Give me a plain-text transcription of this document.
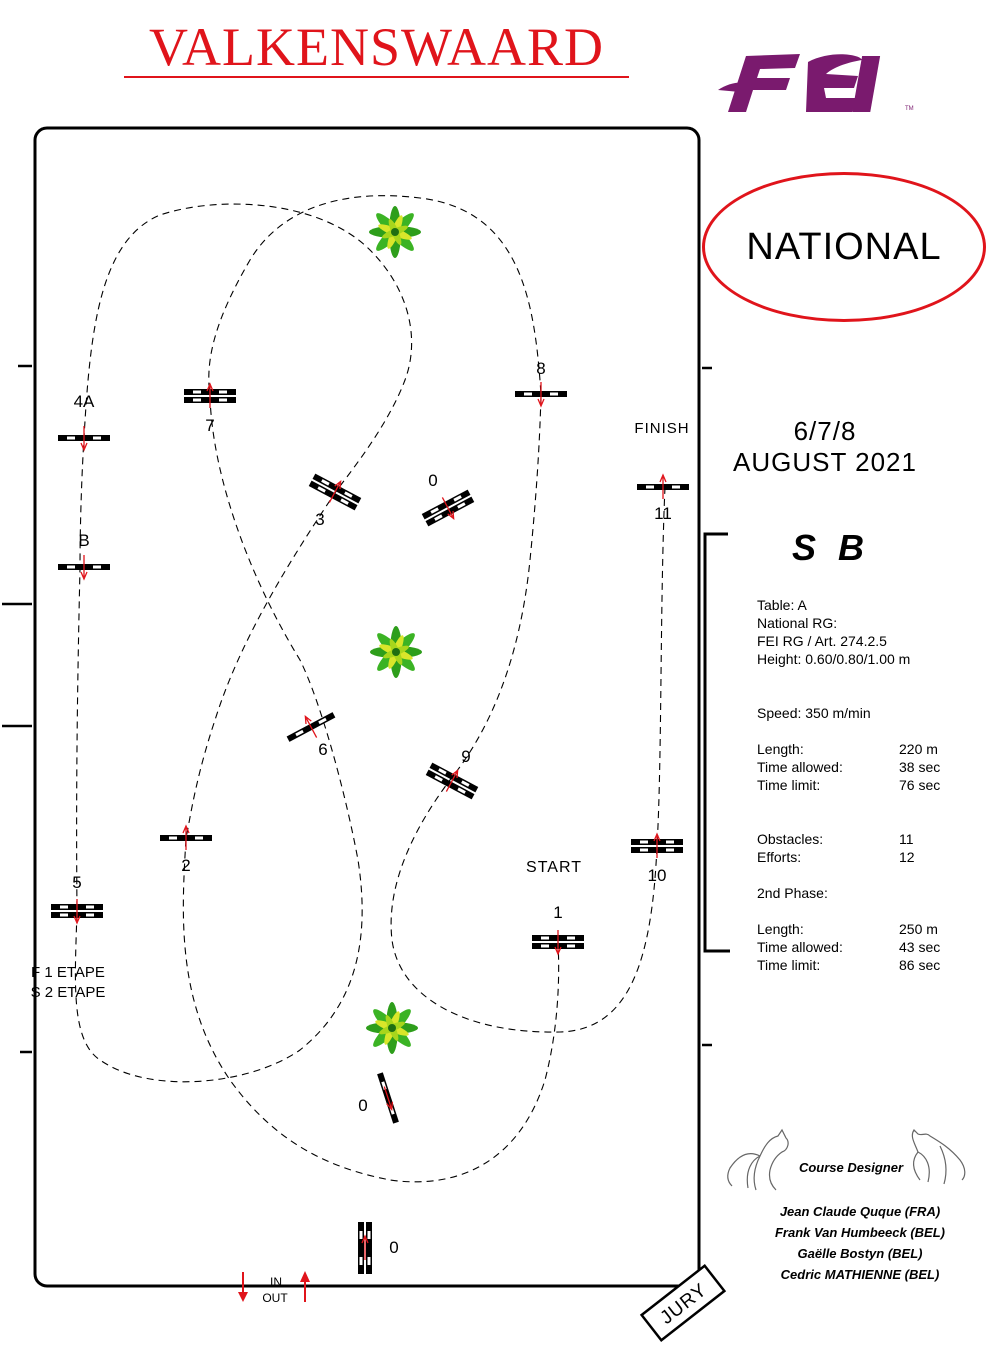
VALKENSWAARD
NATIONAL
6/7/8
AUGUST 2021
S B
Table: A
National RG:
FEI RG / Art. 274.2.5
Height: 0.60/0.80/1.00 m
Speed: 350 m/min
Length:	220 m
Time allowed:	38 sec
Time limit:	76 sec
Obstacles:	11
Efforts:	12
2nd Phase:
Length:	250 m
Time allowed:	43 sec
Time limit:	86 sec
Course Designer
Jean Claude Quque (FRA)
Frank Van Humbeeck (BEL)
Gaëlle Bostyn (BEL)
Cedric MATHIENNE (BEL)
1
2
3
4A
B
5
6
7
8
9
10
11
0
0
0
START
FINISH
F 1 ETAPE
S 2 ETAPE
IN
OUT	JURY
TM
